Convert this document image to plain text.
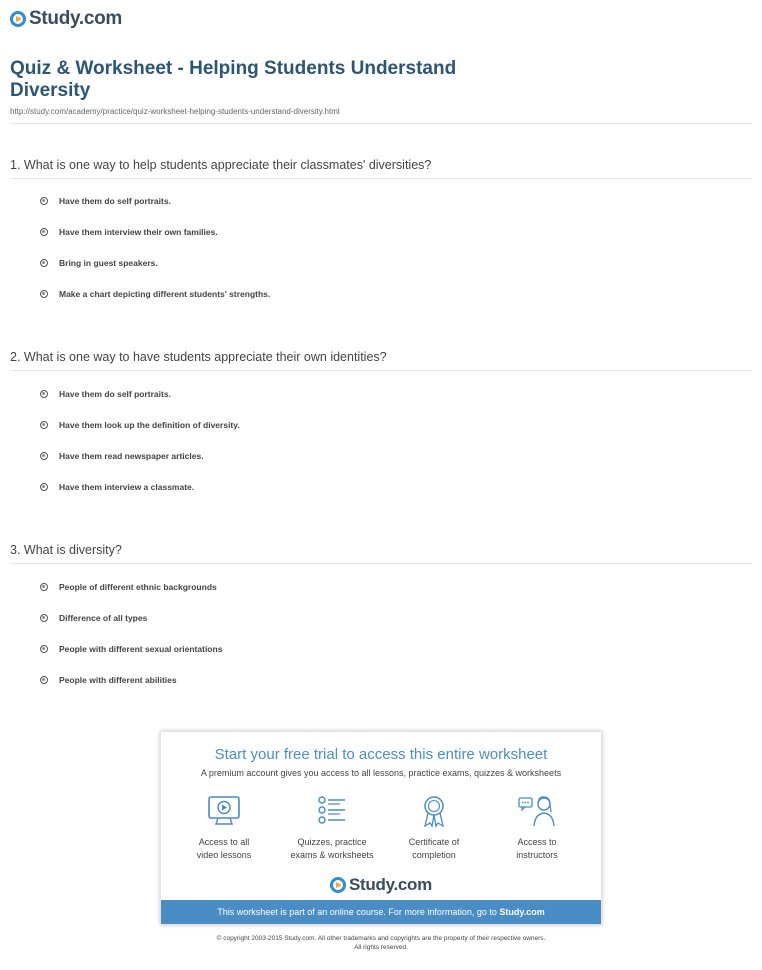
Study.com
Quiz & Worksheet - Helping Students Understand Diversity
http://study.com/academy/practice/quiz-worksheet-helping-students-understand-diversity.html
1. What is one way to help students appreciate their classmates' diversities?
Have them do self portraits.
Have them interview their own families.
Bring in guest speakers.
Make a chart depicting different students' strengths.
2. What is one way to have students appreciate their own identities?
Have them do self portraits.
Have them look up the definition of diversity.
Have them read newspaper articles.
Have them interview a classmate.
3. What is diversity?
People of different ethnic backgrounds
Difference of all types
People with different sexual orientations
People with different abilities
Start your free trial to access this entire worksheet
A premium account gives you access to all lessons, practice exams, quizzes & worksheets
Access to all
video lessons
Quizzes, practice
exams & worksheets
Certificate of
completion
Access to
instructors
Study.com
This worksheet is part of an online course. For more information, go to Study.com
© copyright 2003-2015 Study.com. All other trademarks and copyrights are the property of their respective owners.
All rights reserved.
